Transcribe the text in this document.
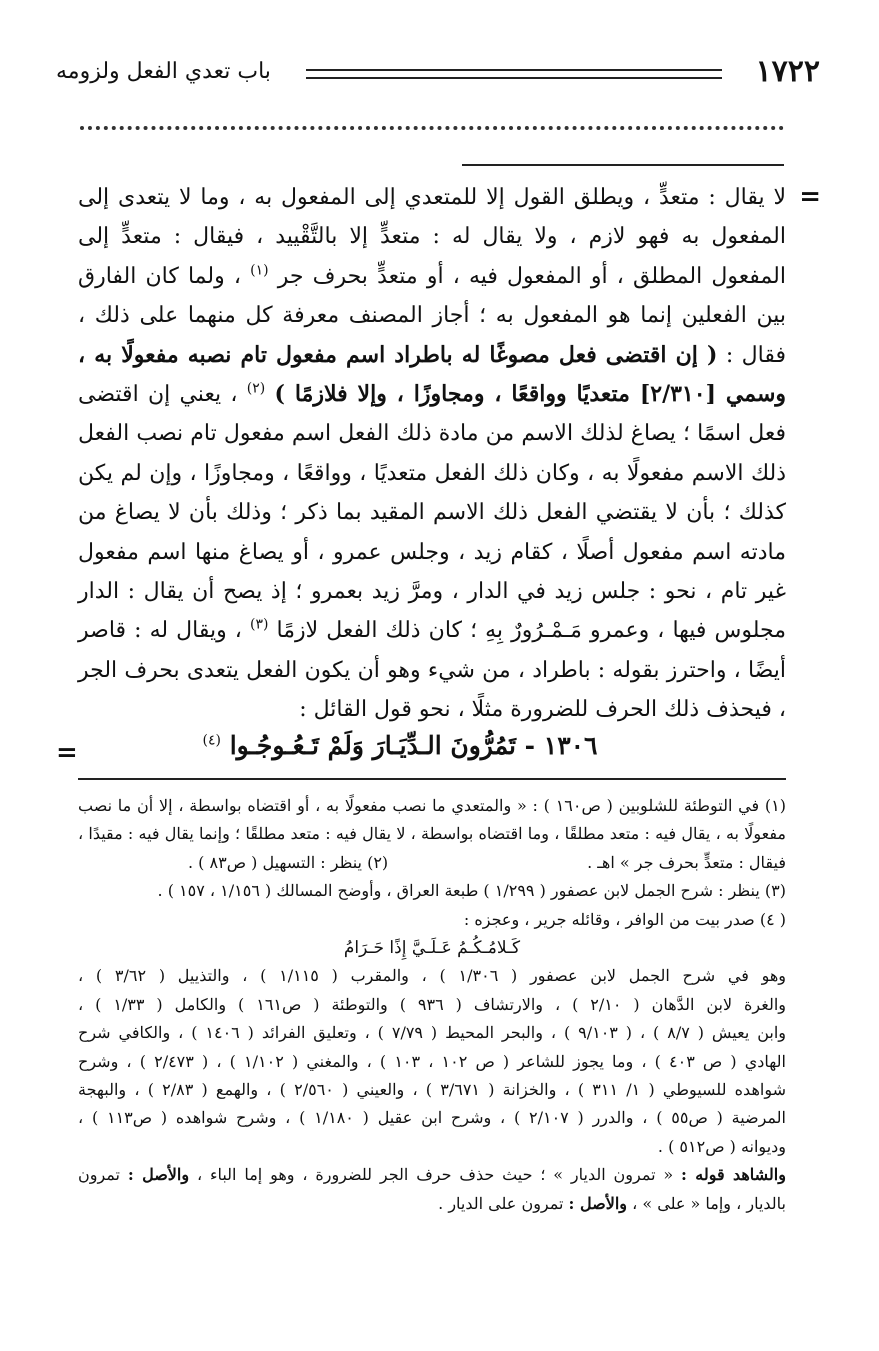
١٧٢٢
باب تعدي الفعل ولزومه
=
=
لا يقال : متعدٍّ ، ويطلق القول إلا للمتعدي إلى المفعول به ، وما لا يتعدى إلى المفعول به فهو لازم ، ولا يقال له : متعدٍّ إلا بالتَّقْييد ، فيقال : متعدٍّ إلى المفعول المطلق ، أو المفعول فيه ، أو متعدٍّ بحرف جر $^{(١)}$ ، ولما كان الفارق بين الفعلين إنما هو المفعول به ؛ أجاز المصنف معرفة كل منهما على ذلك ، فقال : ( إن اقتضى فعل مصوغًا له باطراد اسم مفعول تام نصبه مفعولًا به ، وسمي [٢/٣١٠] متعديًا وواقعًا ، ومجاوزًا ، وإلا فلازمًا ) $^{(٢)}$ ، يعني إن اقتضى فعل اسمًا ؛ يصاغ لذلك الاسم من مادة ذلك الفعل اسم مفعول تام نصب الفعل ذلك الاسم مفعولًا به ، وكان ذلك الفعل متعديًا ، وواقعًا ، ومجاوزًا ، وإن لم يكن كذلك ؛ بأن لا يقتضي الفعل ذلك الاسم المقيد بما ذكر ؛ وذلك بأن لا يصاغ من مادته اسم مفعول أصلًا ، كقام زيد ، وجلس عمرو ، أو يصاغ منها اسم مفعول غير تام ، نحو : جلس زيد في الدار ، ومرَّ زيد بعمرو ؛ إذ يصح أن يقال : الدار مجلوس فيها ، وعمرو مَـمْـرُورٌ بِهِ ؛ كان ذلك الفعل لازمًا $^{(٣)}$ ، ويقال له : قاصر أيضًا ، واحترز بقوله : باطراد ، من شيء وهو أن يكون الفعل يتعدى بحرف الجر ، فيحذف ذلك الحرف للضرورة مثلًا ، نحو قول القائل :
١٣٠٦ - تَمُرُّونَ الـدِّيَـارَ وَلَمْ تَـعُـوجُـوا $^{(٤)}$
(١) في التوطئة للشلوبين ( ص١٦٠ ) : « والمتعدي ما نصب مفعولًا به ، أو اقتضاه بواسطة ، إلا أن ما نصب
مفعولًا به ، يقال فيه : متعد مطلقًا ، وما اقتضاه بواسطة ، لا يقال فيه : متعد مطلقًا ؛ وإنما يقال فيه : مقيدًا ،
فيقال : متعدٍّ بحرف جر » اهـ .
(٢) ينظر : التسهيل ( ص٨٣ ) .
(٣) ينظر : شرح الجمل لابن عصفور ( ١/٢٩٩ ) طبعة العراق ، وأوضح المسالك ( ١/١٥٦ ، ١٥٧ ) .
( ٤) صدر بيت من الوافر ، وقائله جرير ، وعجزه :
كَـلامُـكُـمُ عَـلَـيَّ إِذًا حَـرَامُ
وهو في شرح الجمل لابن عصفور ( ١/٣٠٦ ) ، والمقرب ( ١/١١٥ ) ، والتذييل ( ٣/٦٢ ) ،
والغرة لابن الدَّهان ( ٢/١٠ ) ، والارتشاف ( ٩٣٦ ) والتوطئة ( ص١٦١ ) والكامل ( ١/٣٣ ) ،
وابن يعيش ( ٨/٧ ) ، ( ٩/١٠٣ ) ، والبحر المحيط ( ٧/٧٩ ) ، وتعليق الفرائد ( ١٤٠٦ ) ، والكافي شرح
الهادي ( ص ٤٠٣ ) ، وما يجوز للشاعر ( ص ١٠٢ ، ١٠٣ ) ، والمغني ( ١/١٠٢ ) ، ( ٢/٤٧٣ ) ، وشرح
شواهده للسيوطي ( ١/ ٣١١ ) ، والخزانة ( ٣/٦٧١ ) ، والعيني ( ٢/٥٦٠ ) ، والهمع ( ٢/٨٣ ) ، والبهجة
المرضية ( ص٥٥ ) ، والدرر ( ٢/١٠٧ ) ، وشرح ابن عقيل ( ١/١٨٠ ) ، وشرح شواهده ( ص١١٣ ) ،
وديوانه ( ص٥١٢ ) .
والشاهد قوله : « تمرون الديار » ؛ حيث حذف حرف الجر للضرورة ، وهو إما الباء ، والأصل : تمرون
بالديار ، وإما « على » ، والأصل : تمرون على الديار .
